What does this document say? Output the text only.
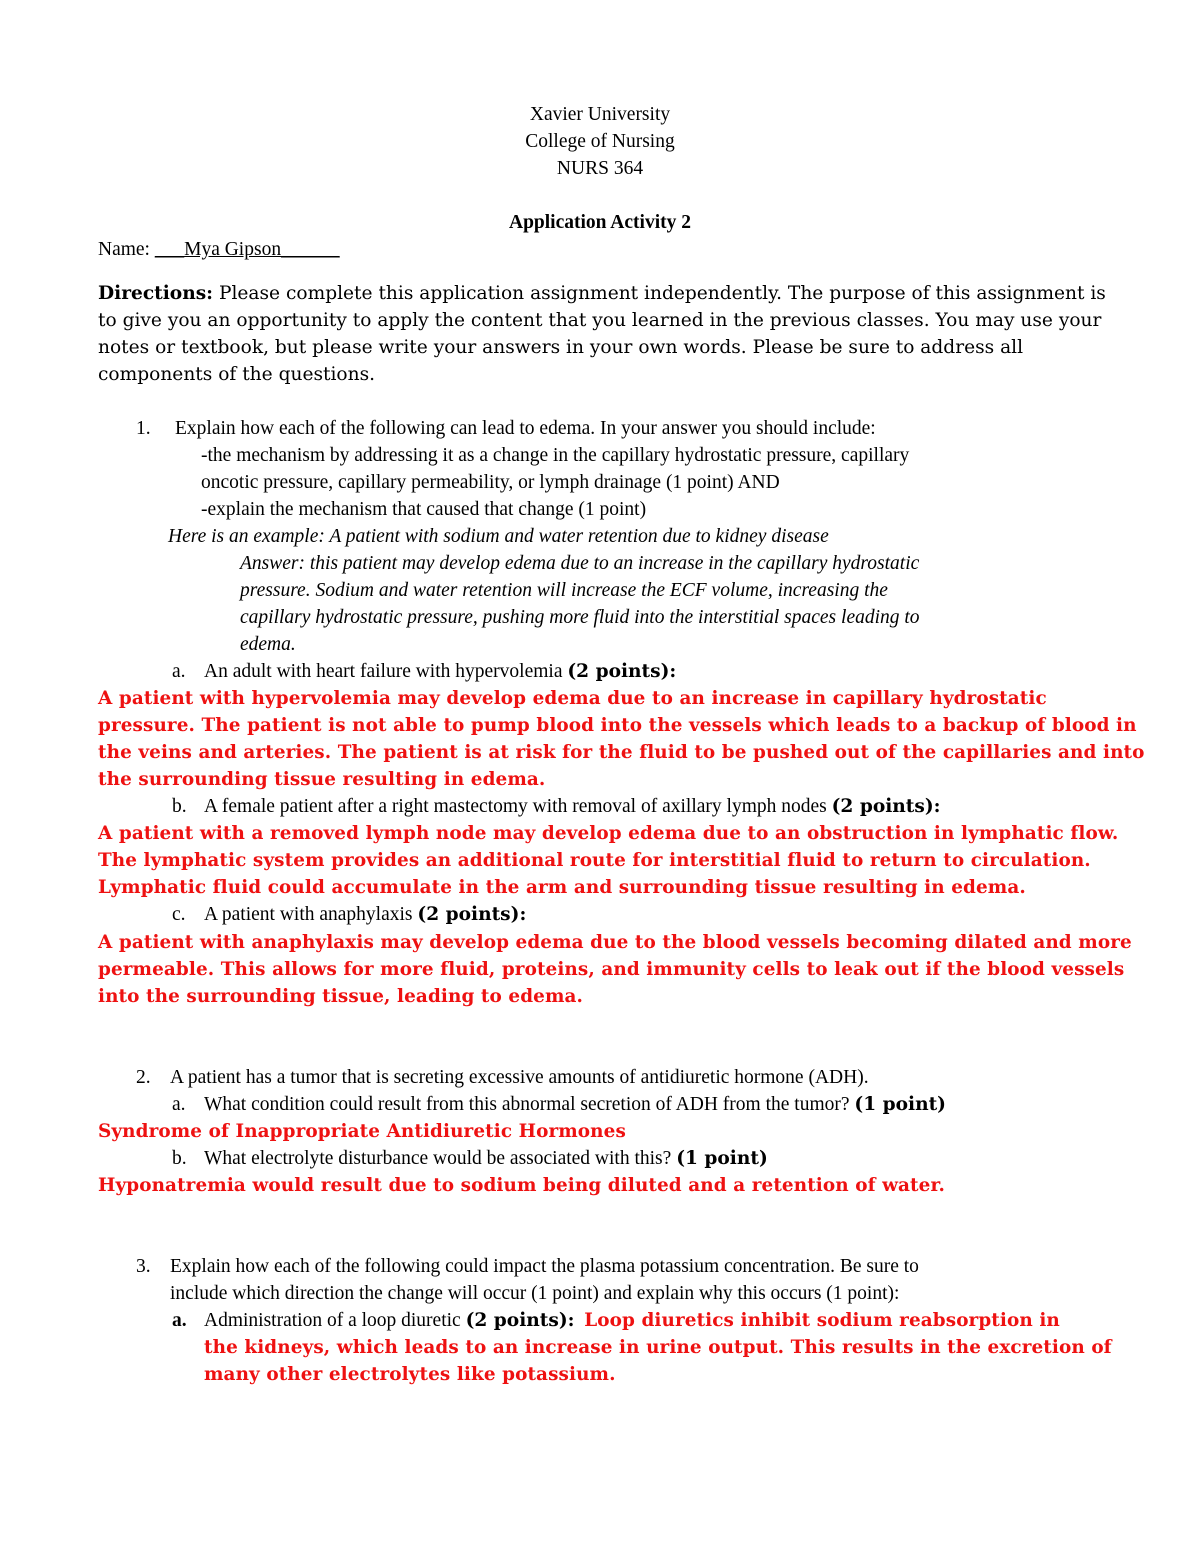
Xavier University
College of Nursing
NURS 364
Application Activity 2
Name: ___Mya Gipson______
Directions: Please complete this application assignment independently. The purpose of this assignment is
to give you an opportunity to apply the content that you learned in the previous classes. You may use your
notes or textbook, but please write your answers in your own words. Please be sure to address all
components of the questions.
1. Explain how each of the following can lead to edema. In your answer you should include:
-the mechanism by addressing it as a change in the capillary hydrostatic pressure, capillary
oncotic pressure, capillary permeability, or lymph drainage (1 point) AND
-explain the mechanism that caused that change (1 point)
Here is an example: A patient with sodium and water retention due to kidney disease
Answer: this patient may develop edema due to an increase in the capillary hydrostatic
pressure. Sodium and water retention will increase the ECF volume, increasing the
capillary hydrostatic pressure, pushing more fluid into the interstitial spaces leading to
edema.
a. An adult with heart failure with hypervolemia (2 points):
A patient with hypervolemia may develop edema due to an increase in capillary hydrostatic
pressure. The patient is not able to pump blood into the vessels which leads to a backup of blood in
the veins and arteries. The patient is at risk for the fluid to be pushed out of the capillaries and into
the surrounding tissue resulting in edema.
b. A female patient after a right mastectomy with removal of axillary lymph nodes (2 points):
A patient with a removed lymph node may develop edema due to an obstruction in lymphatic flow.
The lymphatic system provides an additional route for interstitial fluid to return to circulation.
Lymphatic fluid could accumulate in the arm and surrounding tissue resulting in edema.
c. A patient with anaphylaxis (2 points):
A patient with anaphylaxis may develop edema due to the blood vessels becoming dilated and more
permeable. This allows for more fluid, proteins, and immunity cells to leak out if the blood vessels
into the surrounding tissue, leading to edema.
2. A patient has a tumor that is secreting excessive amounts of antidiuretic hormone (ADH).
a. What condition could result from this abnormal secretion of ADH from the tumor? (1 point)
Syndrome of Inappropriate Antidiuretic Hormones
b. What electrolyte disturbance would be associated with this? (1 point)
Hyponatremia would result due to sodium being diluted and a retention of water.
3. Explain how each of the following could impact the plasma potassium concentration. Be sure to
include which direction the change will occur (1 point) and explain why this occurs (1 point):
a. Administration of a loop diuretic (2 points): Loop diuretics inhibit sodium reabsorption in
the kidneys, which leads to an increase in urine output. This results in the excretion of
many other electrolytes like potassium.
